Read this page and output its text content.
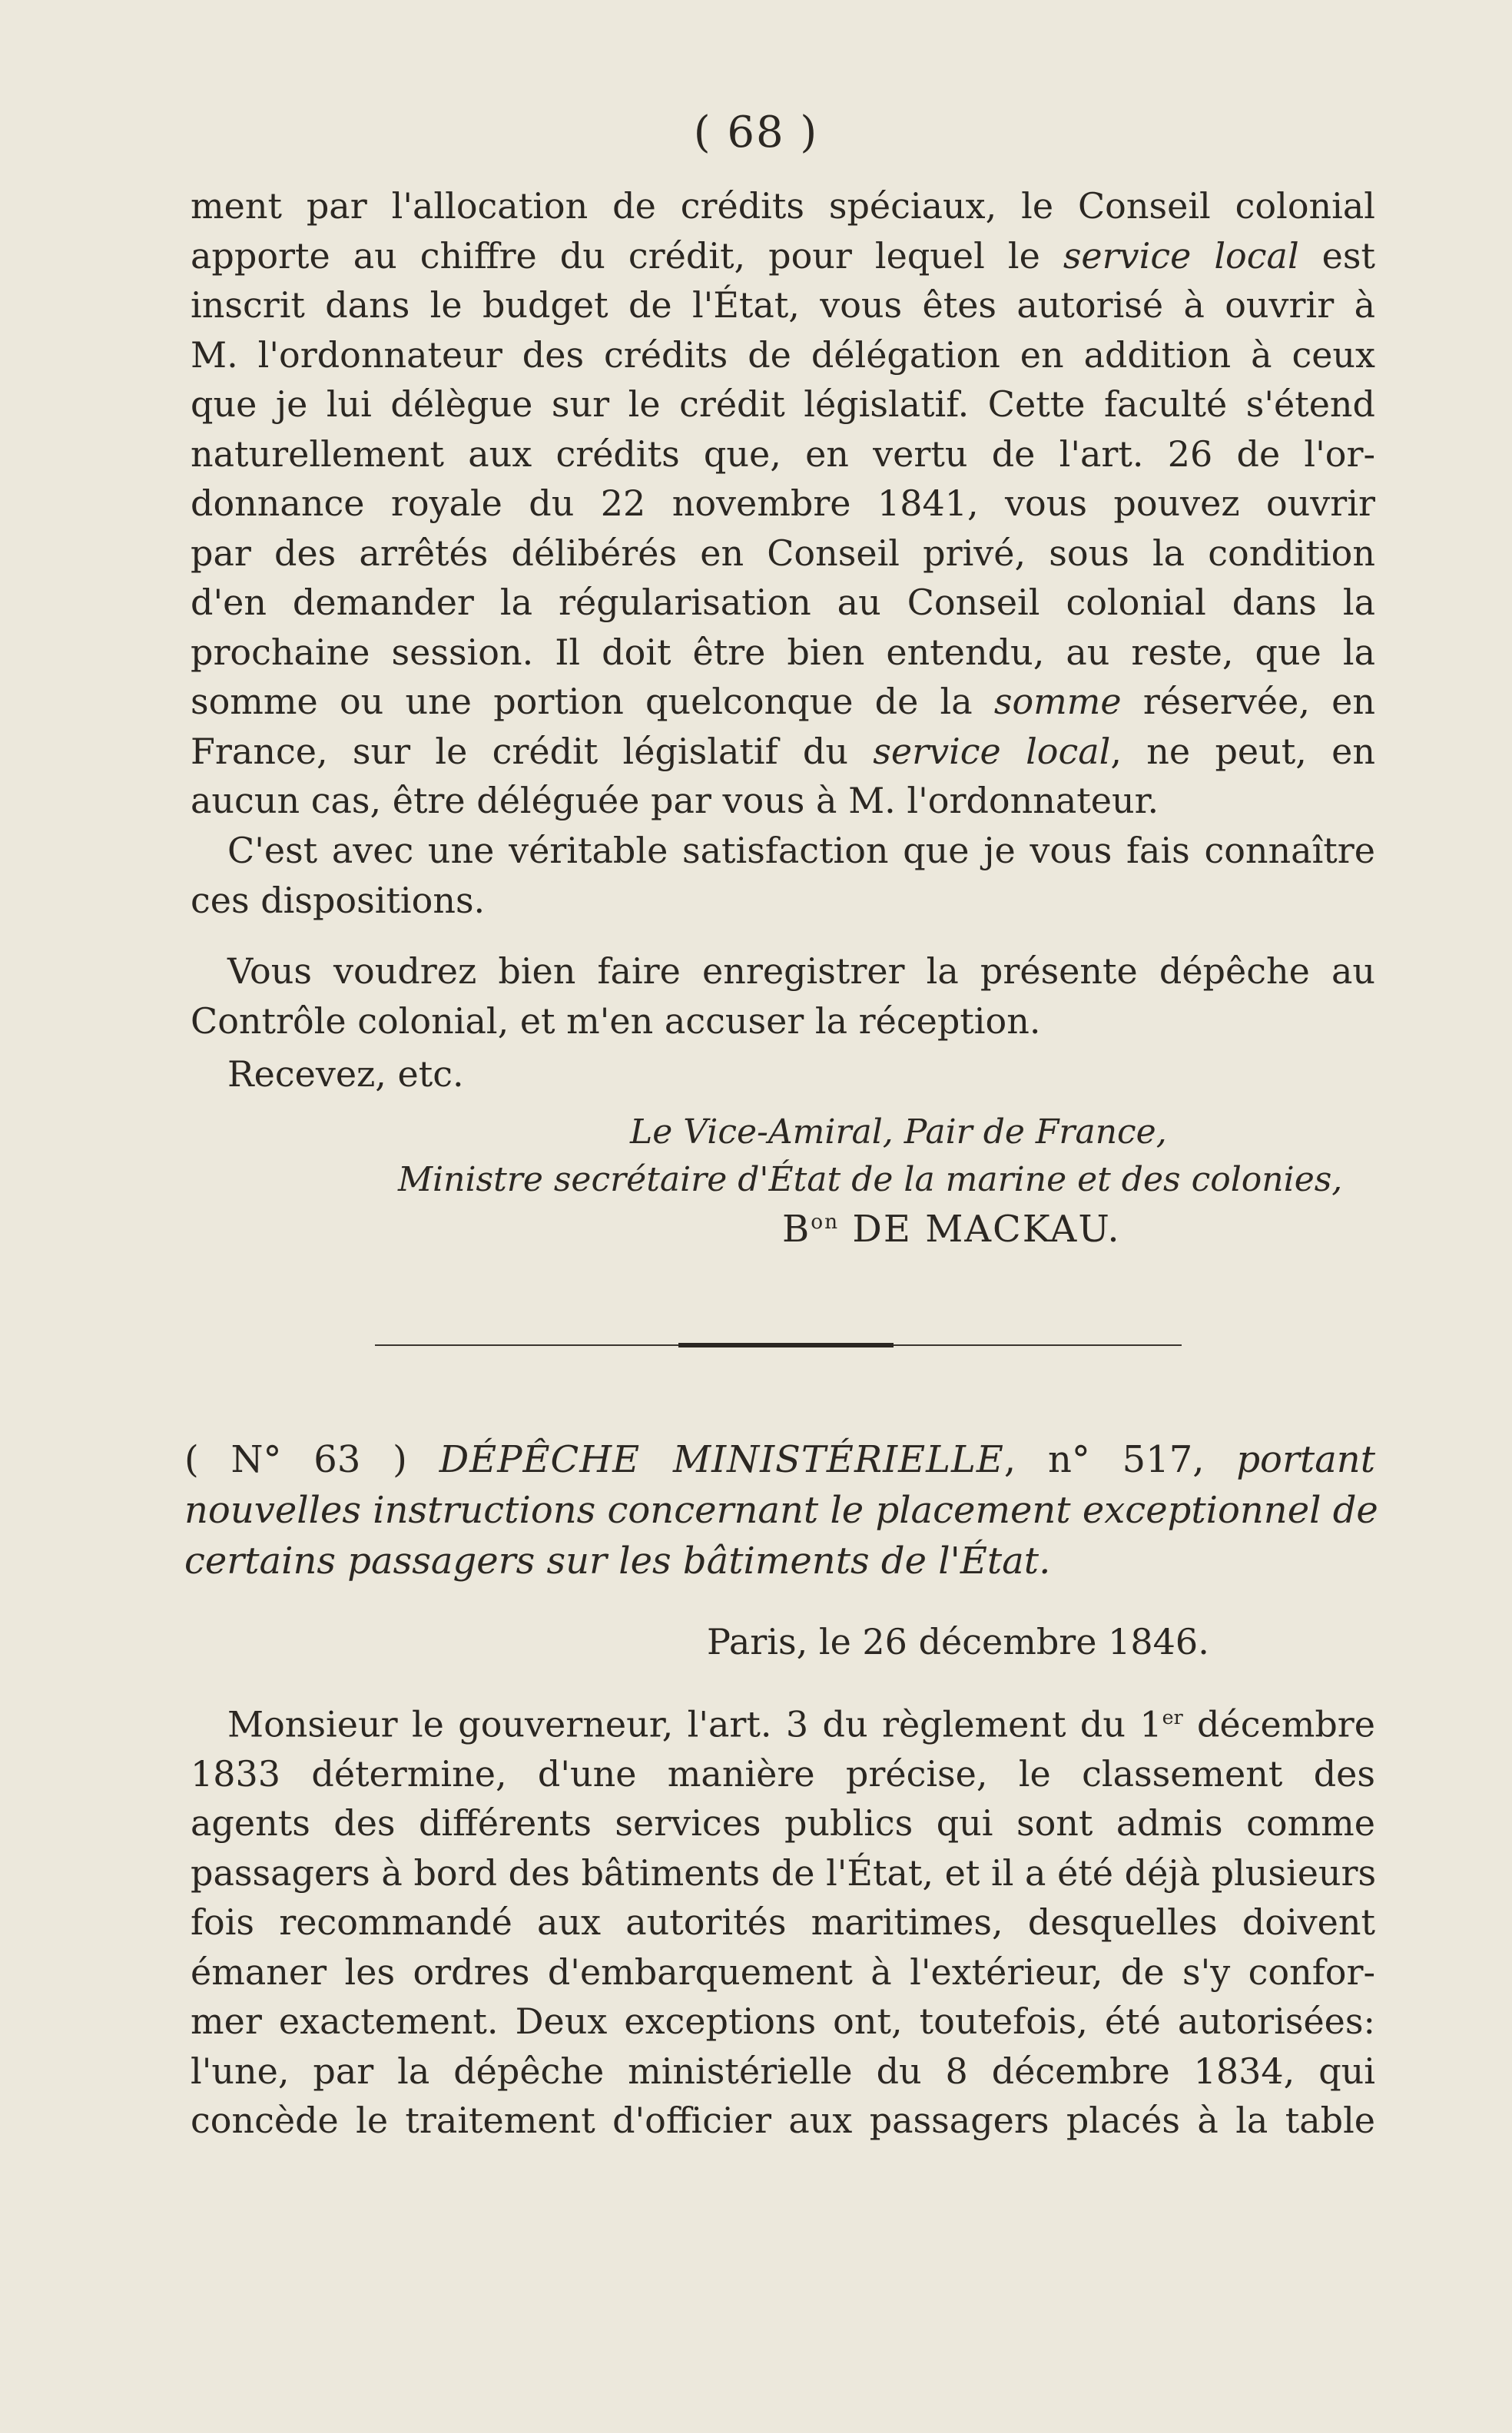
( 68 )

ment par l'allocation de crédits spéciaux, le Conseil colonial
apporte au chiffre du crédit, pour lequel le service local est
inscrit dans le budget de l'État, vous êtes autorisé à ouvrir à
M. l'ordonnateur des crédits de délégation en addition à ceux
que je lui délègue sur le crédit législatif. Cette faculté s'étend
naturellement aux crédits que, en vertu de l'art. 26 de l'or-
donnance royale du 22 novembre 1841, vous pouvez ouvrir
par des arrêtés délibérés en Conseil privé, sous la condition
d'en demander la régularisation au Conseil colonial dans la
prochaine session. Il doit être bien entendu, au reste, que la
somme ou une portion quelconque de la somme réservée, en
France, sur le crédit législatif du service local, ne peut, en
aucun cas, être déléguée par vous à M. l'ordonnateur.

C'est avec une véritable satisfaction que je vous fais connaître
ces dispositions.

Vous voudrez bien faire enregistrer la présente dépêche au
Contrôle colonial, et m'en accuser la réception.

Recevez, etc.

Le Vice-Amiral, Pair de France,
Ministre secrétaire d'État de la marine et des colonies,
$B^{on}$ DE MACKAU.
( N° 63 ) DÉPÊCHE MINISTÉRIELLE, n° 517, portant
nouvelles instructions concernant le placement exceptionnel de
certains passagers sur les bâtiments de l'État.
Paris, le 26 décembre 1846.

Monsieur le gouverneur, l'art. 3 du règlement du 1er décembre
1833 détermine, d'une manière précise, le classement des
agents des différents services publics qui sont admis comme
passagers à bord des bâtiments de l'État, et il a été déjà plusieurs
fois recommandé aux autorités maritimes, desquelles doivent
émaner les ordres d'embarquement à l'extérieur, de s'y confor-
mer exactement. Deux exceptions ont, toutefois, été autorisées:
l'une, par la dépêche ministérielle du 8 décembre 1834, qui
concède le traitement d'officier aux passagers placés à la table
